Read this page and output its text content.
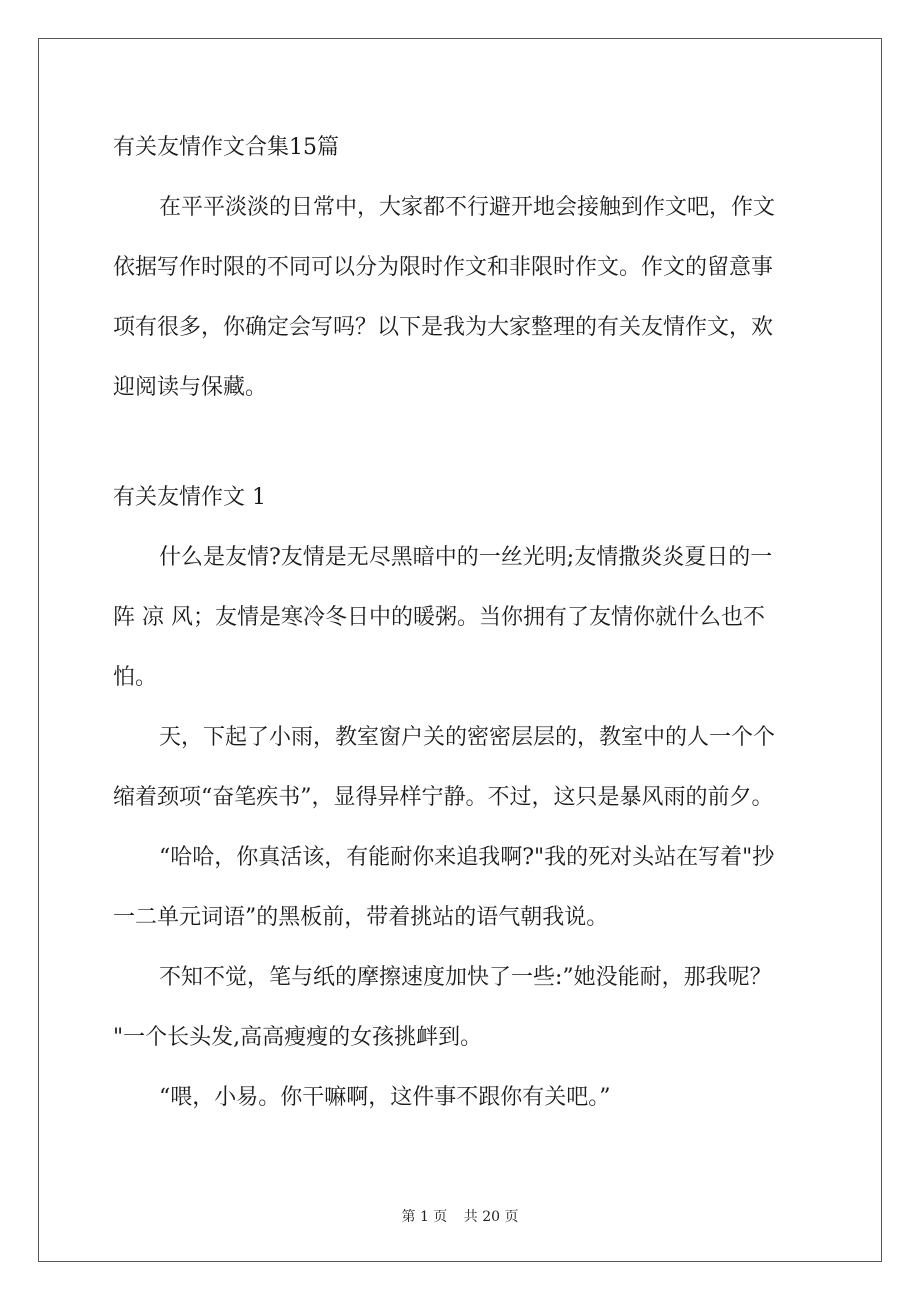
有关友情作文合集15篇
在平平淡淡的日常中，大家都不行避开地会接触到作文吧，作文
依据写作时限的不同可以分为限时作文和非限时作文。作文的留意事
项有很多，你确定会写吗？以下是我为大家整理的有关友情作文，欢
迎阅读与保藏。
有关友情作文 1
什么是友情?友情是无尽黑暗中的一丝光明;友情撒炎炎夏日的一
阵 凉 风；友情是寒冷冬日中的暖粥。当你拥有了友情你就什么也不
怕。
天，下起了小雨，教室窗户关的密密层层的，教室中的人一个个
缩着颈项“奋笔疾书”，显得异样宁静。不过，这只是暴风雨的前夕。
“哈哈，你真活该，有能耐你来追我啊?"我的死对头站在写着"抄
一二单元词语”的黑板前，带着挑站的语气朝我说。
不知不觉，笔与纸的摩擦速度加快了一些:”她没能耐，那我呢？
"一个长头发,高高瘦瘦的女孩挑衅到。
“喂，小易。你干嘛啊，这件事不跟你有关吧。”
第 1 页 共 20 页
